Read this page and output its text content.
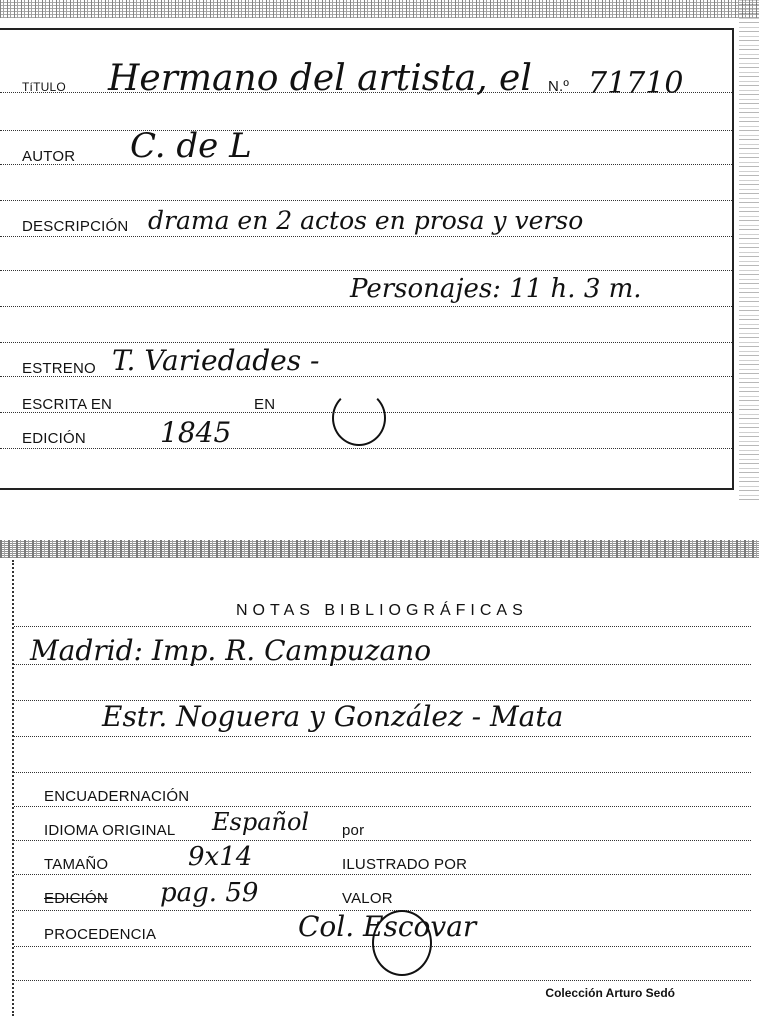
TíTULO Hermano del artista, el N.º 71710
AUTOR C. de L
DESCRIPCIÓN drama en 2 actos en prosa y verso
Personajes: 11 h. 3 m.
ESTRENO T. Variedades -
ESCRITA EN	EN
EDICIÓN	1845
NOTAS BIBLIOGRÁFICAS
Madrid: Imp. R. Campuzano
Estr. Noguera y González - Mata
ENCUADERNACIÓN
IDIOMA ORIGINAL Español por
TAMAÑO	9x14	ILUSTRADO POR
EDICIÓN pag. 59	VALOR
PROCEDENCIA	Col. Escovar
Colección Arturo Sedó
